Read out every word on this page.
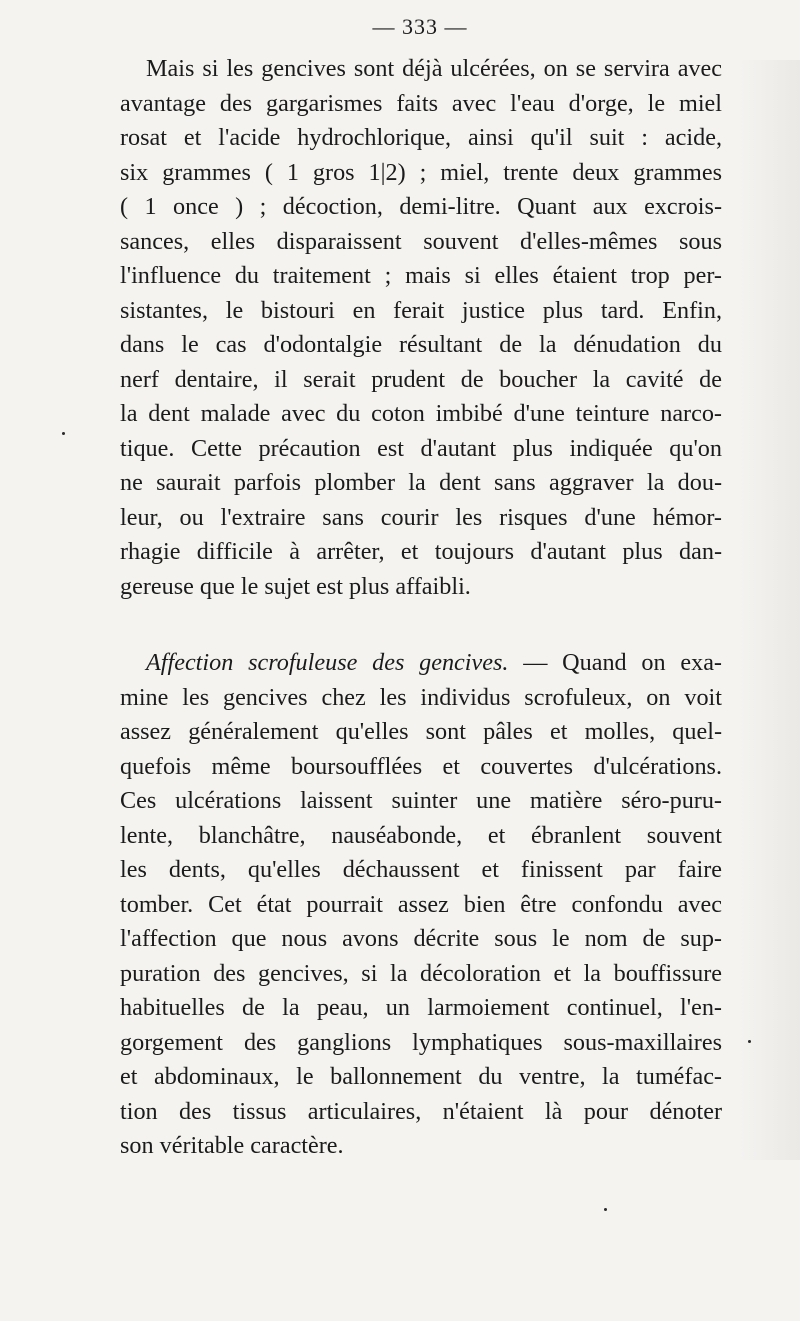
— 333 —
Mais si les gencives sont déjà ulcérées, on se servira avec
avantage des gargarismes faits avec l'eau d'orge, le miel
rosat et l'acide hydrochlorique, ainsi qu'il suit : acide,
six grammes ( 1 gros 1|2) ; miel, trente deux grammes
( 1 once ) ; décoction, demi-litre. Quant aux excrois-
sances, elles disparaissent souvent d'elles-mêmes sous
l'influence du traitement ; mais si elles étaient trop per-
sistantes, le bistouri en ferait justice plus tard. Enfin,
dans le cas d'odontalgie résultant de la dénudation du
nerf dentaire, il serait prudent de boucher la cavité de
la dent malade avec du coton imbibé d'une teinture narco-
tique. Cette précaution est d'autant plus indiquée qu'on
ne saurait parfois plomber la dent sans aggraver la dou-
leur, ou l'extraire sans courir les risques d'une hémor-
rhagie difficile à arrêter, et toujours d'autant plus dan-
gereuse que le sujet est plus affaibli.
Affection scrofuleuse des gencives. — Quand on exa-
mine les gencives chez les individus scrofuleux, on voit
assez généralement qu'elles sont pâles et molles, quel-
quefois même boursoufflées et couvertes d'ulcérations.
Ces ulcérations laissent suinter une matière séro-puru-
lente, blanchâtre, nauséabonde, et ébranlent souvent
les dents, qu'elles déchaussent et finissent par faire
tomber. Cet état pourrait assez bien être confondu avec
l'affection que nous avons décrite sous le nom de sup-
puration des gencives, si la décoloration et la bouffissure
habituelles de la peau, un larmoiement continuel, l'en-
gorgement des ganglions lymphatiques sous-maxillaires
et abdominaux, le ballonnement du ventre, la tuméfac-
tion des tissus articulaires, n'étaient là pour dénoter
son véritable caractère.
